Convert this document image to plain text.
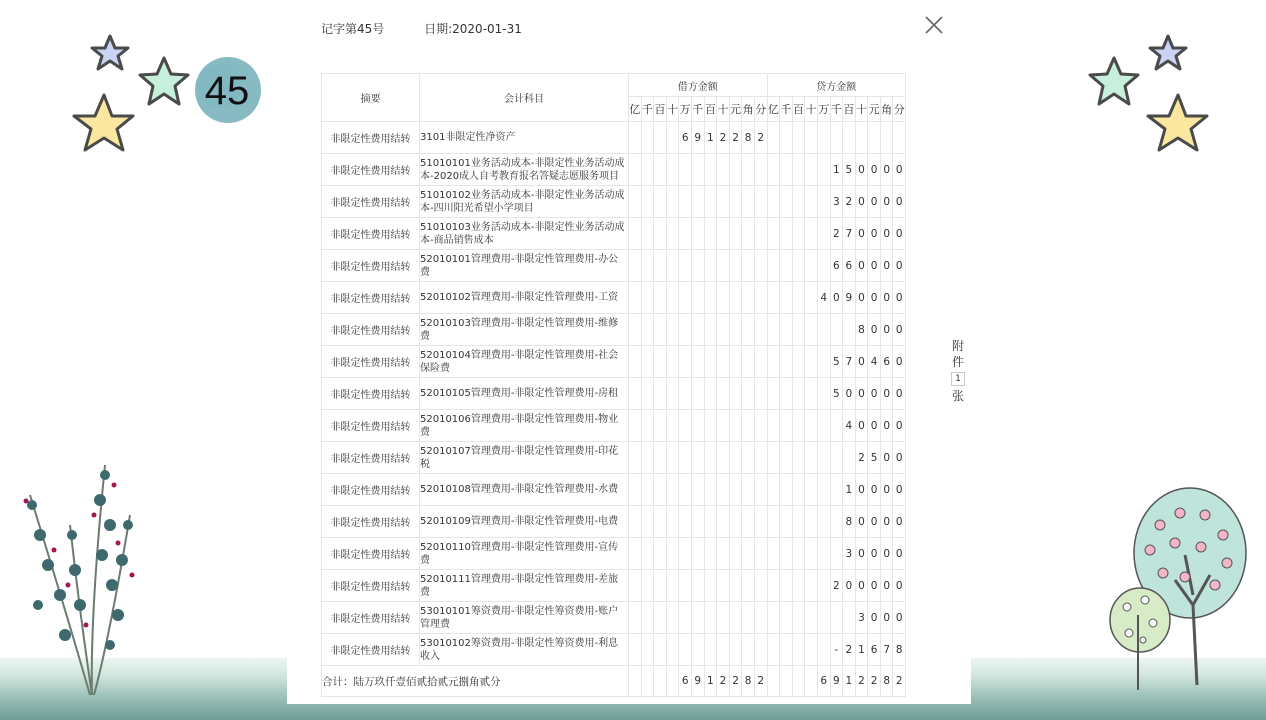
45
记字第45号	日期:2020-01-31
摘要	会计科目	借方金额											贷方金额										
		亿	千	百	十	万	千	百	十	元	角	分	亿	千	百	十	万	千	百	十	元	角	分
非限定性费用结转	3101非限定性净资产					6	9	1	2	2	8	2											
非限定性费用结转	51010101业务活动成本-非限定性业务活动成本-2020成人自考教育报名答疑志愿服务项目																	1	5	0	0	0	0
非限定性费用结转	51010102业务活动成本-非限定性业务活动成本-四川阳光希望小学项目																	3	2	0	0	0	0
非限定性费用结转	51010103业务活动成本-非限定性业务活动成本-商品销售成本																	2	7	0	0	0	0
非限定性费用结转	52010101管理费用-非限定性管理费用-办公费																	6	6	0	0	0	0
非限定性费用结转	52010102管理费用-非限定性管理费用-工资																4	0	9	0	0	0	0
非限定性费用结转	52010103管理费用-非限定性管理费用-维修费																			8	0	0	0
非限定性费用结转	52010104管理费用-非限定性管理费用-社会保险费																	5	7	0	4	6	0
非限定性费用结转	52010105管理费用-非限定性管理费用-房租																	5	0	0	0	0	0
非限定性费用结转	52010106管理费用-非限定性管理费用-物业费																		4	0	0	0	0
非限定性费用结转	52010107管理费用-非限定性管理费用-印花税																			2	5	0	0
非限定性费用结转	52010108管理费用-非限定性管理费用-水费																		1	0	0	0	0
非限定性费用结转	52010109管理费用-非限定性管理费用-电费																		8	0	0	0	0
非限定性费用结转	52010110管理费用-非限定性管理费用-宣传费																		3	0	0	0	0
非限定性费用结转	52010111管理费用-非限定性管理费用-差旅费																	2	0	0	0	0	0
非限定性费用结转	53010101筹资费用-非限定性筹资费用-账户管理费																			3	0	0	0
非限定性费用结转	53010102筹资费用-非限定性筹资费用-利息收入																	-	2	1	6	7	8
合计：陆万玖仟壹佰贰拾贰元捌角贰分						6	9	1	2	2	8	2					6	9	1	2	2	8	2
附
件
1
张
